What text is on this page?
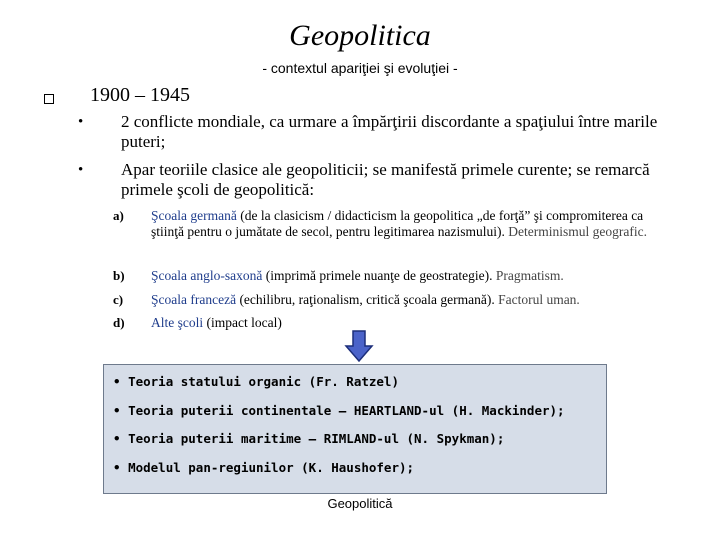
Geopolitica
- contextul apariţiei şi evoluţiei -
1900 – 1945
• 2 conflicte mondiale, ca urmare a împărţirii discordante a spaţiului între marile puteri;
• Apar teoriile clasice ale geopoliticii; se manifestă primele curente; se remarcă primele şcoli de geopolitică:
a) Şcoala germană (de la clasicism / didacticism la geopolitica „de forţă” şi compromiterea ca ştiinţă pentru o jumătate de secol, pentru legitimarea nazismului). Determinismul geografic.
b) Şcoala anglo-saxonă (imprimă primele nuanţe de geostrategie). Pragmatism.
c) Şcoala franceză (echilibru, raţionalism, critică şcoala germană). Factorul uman.
d) Alte şcoli (impact local)
• Teoria statului organic (Fr. Ratzel)
• Teoria puterii continentale – HEARTLAND-ul (H. Mackinder);
• Teoria puterii maritime – RIMLAND-ul (N. Spykman);
• Modelul pan-regiunilor (K. Haushofer);
Geopolitică
